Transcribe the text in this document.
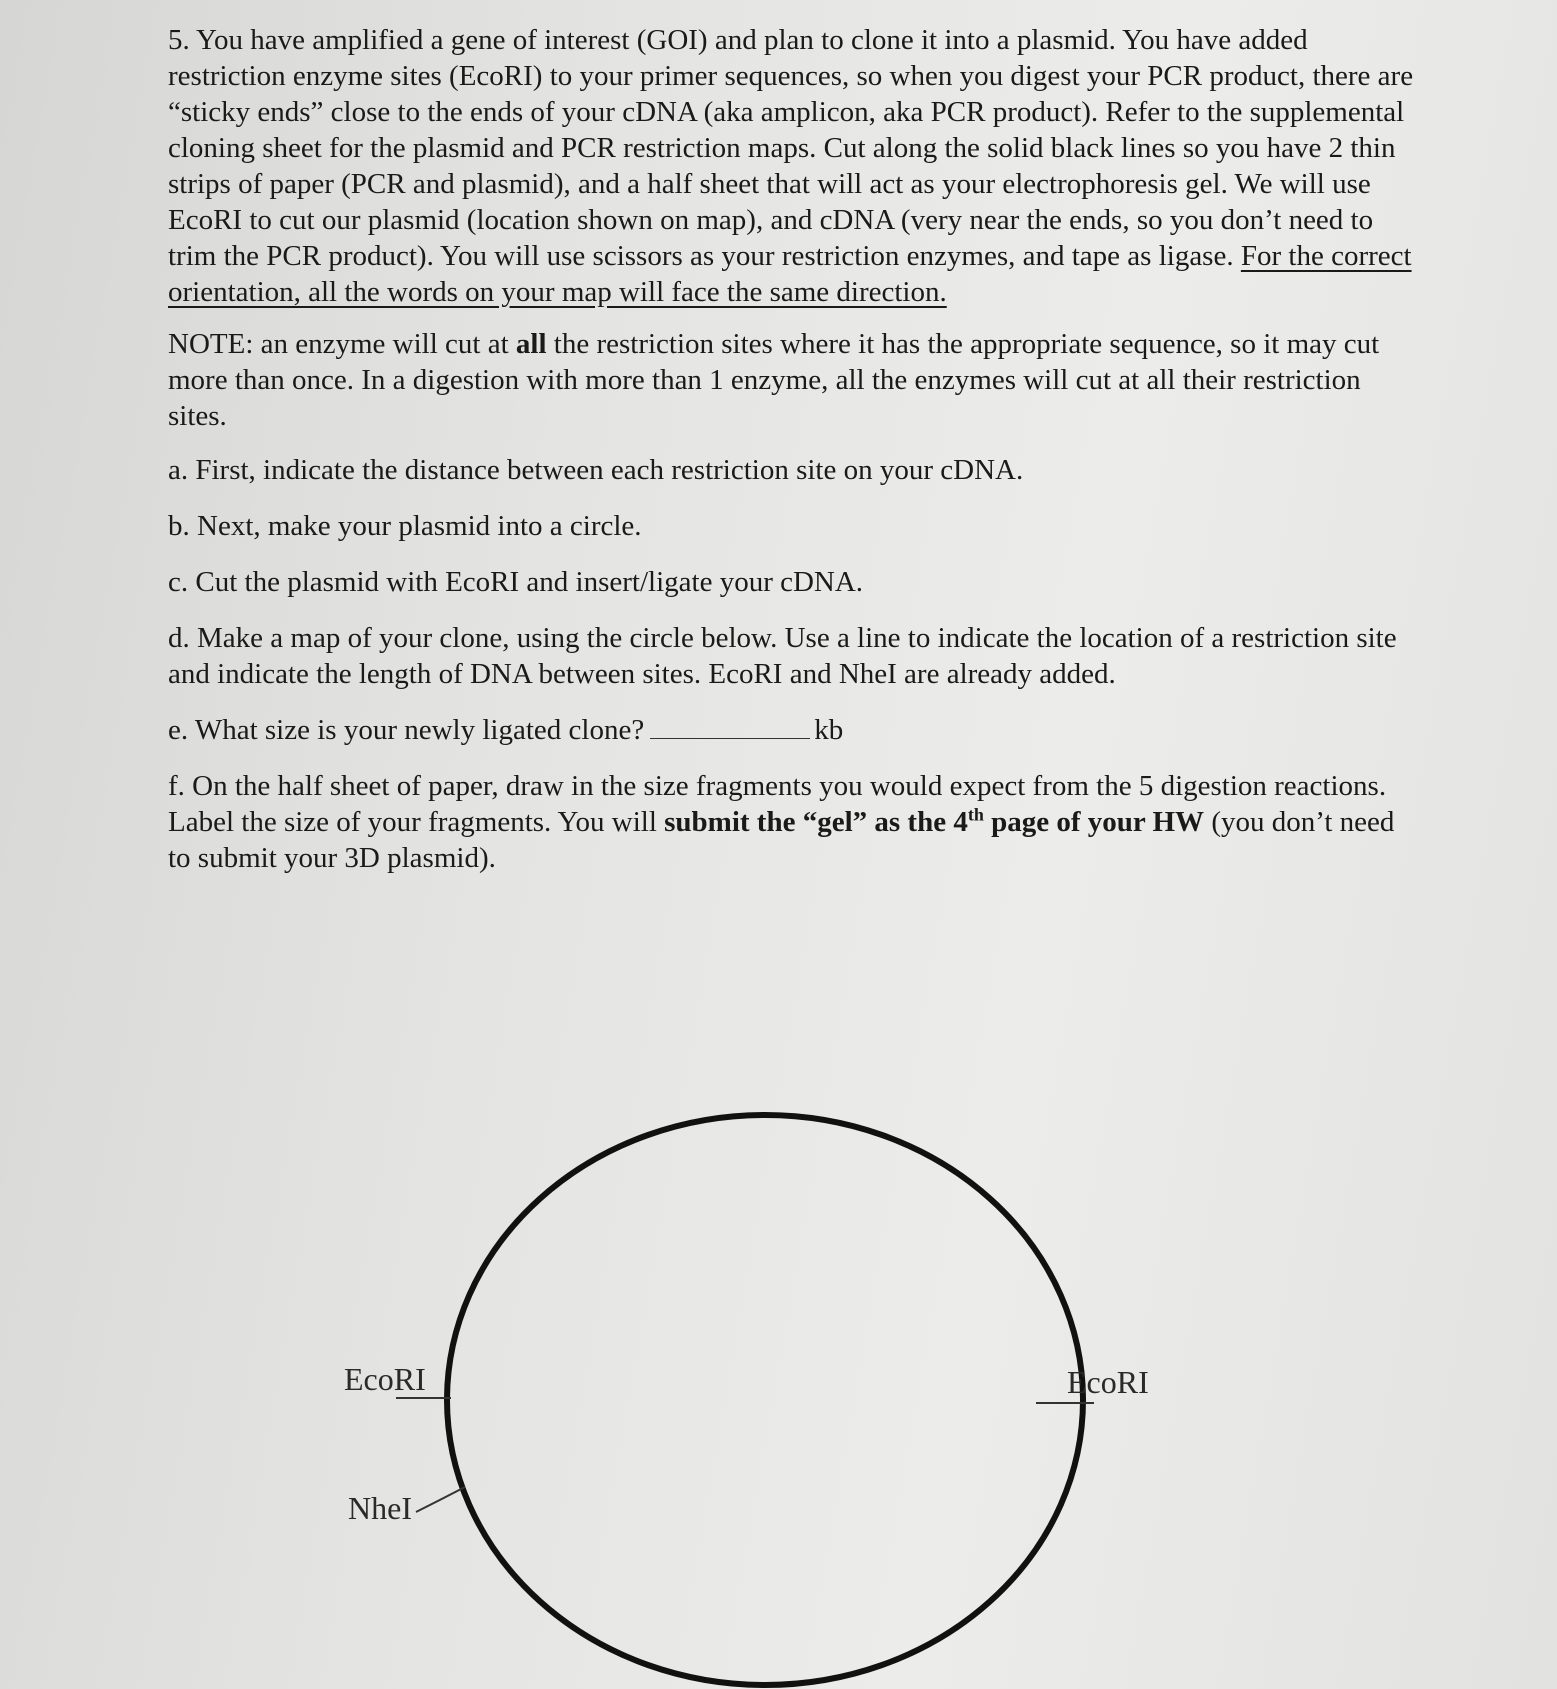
5. You have amplified a gene of interest (GOI) and plan to clone it into a plasmid. You have added restriction enzyme sites (EcoRI) to your primer sequences, so when you digest your PCR product, there are “sticky ends” close to the ends of your cDNA (aka amplicon, aka PCR product). Refer to the supplemental cloning sheet for the plasmid and PCR restriction maps. Cut along the solid black lines so you have 2 thin strips of paper (PCR and plasmid), and a half sheet that will act as your electrophoresis gel. We will use EcoRI to cut our plasmid (location shown on map), and cDNA (very near the ends, so you don’t need to trim the PCR product). You will use scissors as your restriction enzymes, and tape as ligase. For the correct orientation, all the words on your map will face the same direction.

NOTE: an enzyme will cut at all the restriction sites where it has the appropriate sequence, so it may cut more than once. In a digestion with more than 1 enzyme, all the enzymes will cut at all their restriction sites.

a. First, indicate the distance between each restriction site on your cDNA.

b. Next, make your plasmid into a circle.

c. Cut the plasmid with EcoRI and insert/ligate your cDNA.

d. Make a map of your clone, using the circle below. Use a line to indicate the location of a restriction site and indicate the length of DNA between sites. EcoRI and NheI are already added.

e. What size is your newly ligated clone?	kb

f. On the half sheet of paper, draw in the size fragments you would expect from the 5 digestion reactions. Label the size of your fragments. You will submit the “gel” as the 4th page of your HW (you don’t need to submit your 3D plasmid).

EcoRI	EcoRI
NheI
